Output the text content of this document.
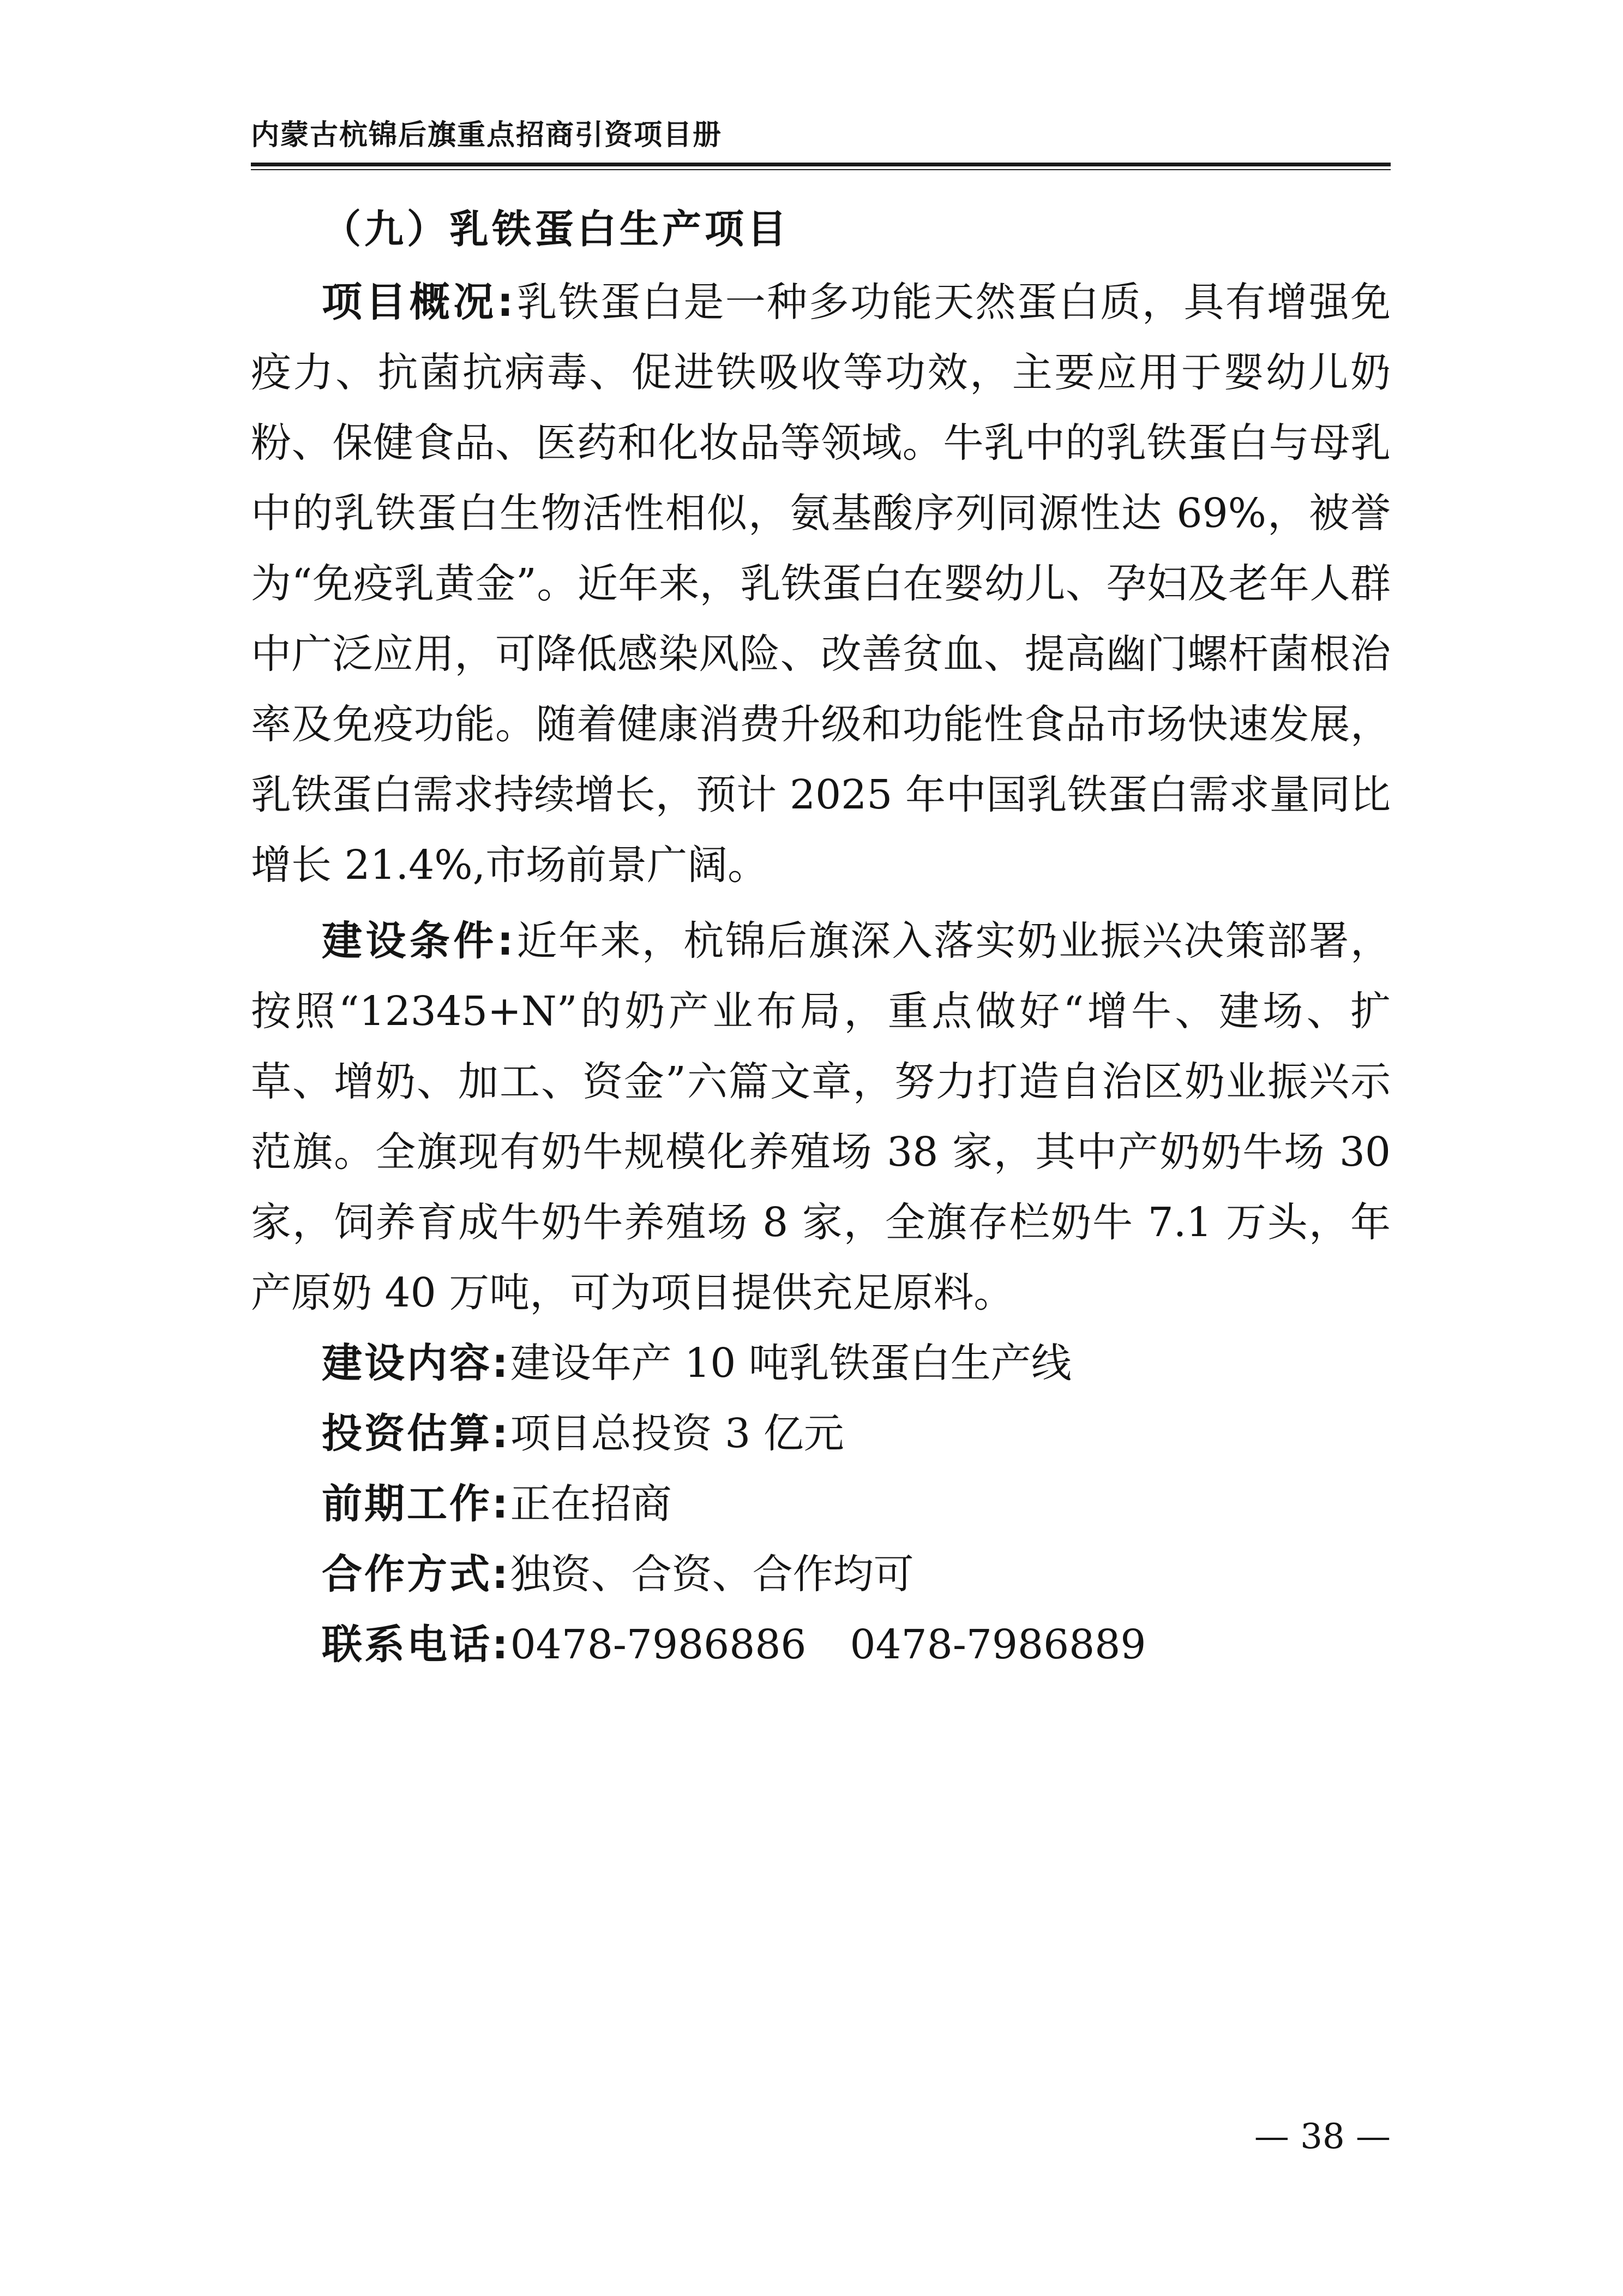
内蒙古杭锦后旗重点招商引资项目册
（九）乳铁蛋白生产项目

项目概况:乳铁蛋白是一种多功能天然蛋白质，具有增强免疫力、抗菌抗病毒、促进铁吸收等功效，主要应用于婴幼儿奶粉、保健食品、医药和化妆品等领域。牛乳中的乳铁蛋白与母乳中的乳铁蛋白生物活性相似，氨基酸序列同源性达 69%，被誉为“免疫乳黄金”。近年来，乳铁蛋白在婴幼儿、孕妇及老年人群中广泛应用，可降低感染风险、改善贫血、提高幽门螺杆菌根治率及免疫功能。随着健康消费升级和功能性食品市场快速发展，乳铁蛋白需求持续增长，预计 2025 年中国乳铁蛋白需求量同比增长 21.4%,市场前景广阔。

建设条件:近年来，杭锦后旗深入落实奶业振兴决策部署，按照“12345+N”的奶产业布局，重点做好“增牛、建场、扩草、增奶、加工、资金”六篇文章，努力打造自治区奶业振兴示范旗。全旗现有奶牛规模化养殖场 38 家，其中产奶奶牛场 30 家，饲养育成牛奶牛养殖场 8 家，全旗存栏奶牛 7.1 万头，年产原奶 40 万吨，可为项目提供充足原料。

建设内容:建设年产 10 吨乳铁蛋白生产线
投资估算:项目总投资 3 亿元
前期工作:正在招商
合作方式:独资、合资、合作均可
联系电话:0478-7986886 0478-7986889
— 38 —
